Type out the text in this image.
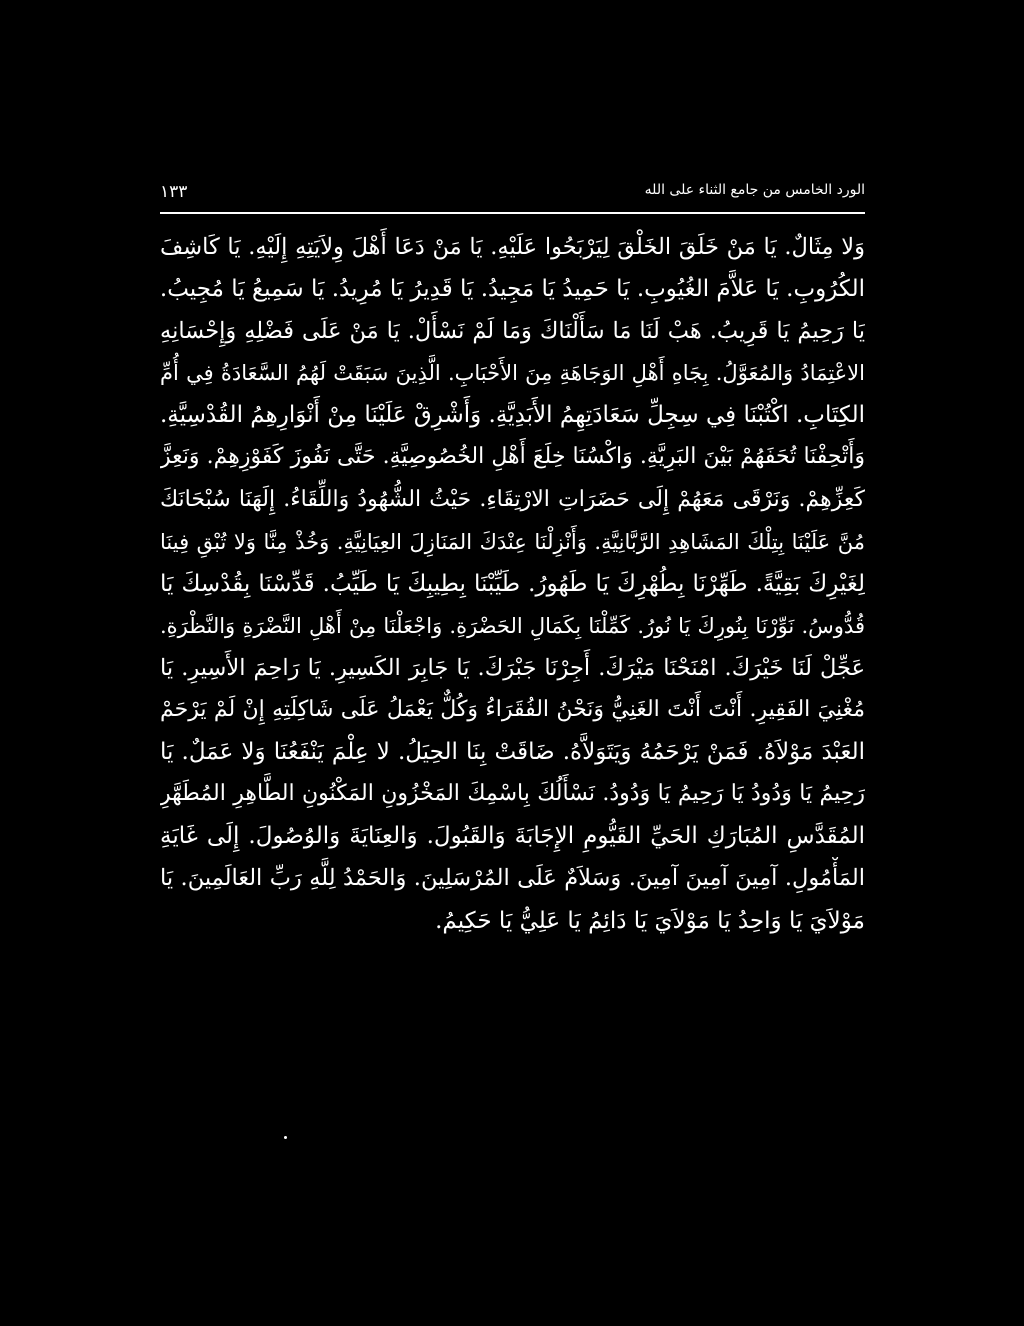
١٣٣	الورد الخامس من جامع الثناء على الله
وَلا مِثَالٌ. يَا مَنْ خَلَقَ الخَلْقَ لِيَرْبَحُوا عَلَيْهِ. يَا مَنْ دَعَا أَهْلَ وِلاَيَتِهِ إِلَيْهِ. يَا كَاشِفَ
الكُرُوبِ. يَا عَلاَّمَ الغُيُوبِ. يَا حَمِيدُ يَا مَجِيدُ. يَا قَدِيرُ يَا مُرِيدُ. يَا سَمِيعُ يَا مُجِيبُ.
يَا رَحِيمُ يَا قَرِيبُ. هَبْ لَنَا مَا سَأَلْنَاكَ وَمَا لَمْ نَسْأَلْ. يَا مَنْ عَلَى فَضْلِهِ وَإِحْسَانِهِ
الاعْتِمَادُ وَالمُعَوَّلُ. بِجَاهِ أَهْلِ الوَجَاهَةِ مِنَ الأَحْبَابِ. الَّذِينَ سَبَقَتْ لَهُمُ السَّعَادَةُ فِي أُمِّ
الكِتَابِ. اكْتُبْنَا فِي سِجِلِّ سَعَادَتِهِمُ الأَبَدِيَّةِ. وَأَشْرِقْ عَلَيْنَا مِنْ أَنْوَارِهِمُ القُدْسِيَّةِ.
وَأَتْحِفْنَا تُحَفَهُمْ بَيْنَ البَرِيَّةِ. وَاكْسُنَا خِلَعَ أَهْلِ الخُصُوصِيَّةِ. حَتَّى نَفُوزَ كَفَوْزِهِمْ. وَنَعِزَّ
كَعِزِّهِمْ. وَنَرْقَى مَعَهُمْ إِلَى حَضَرَاتِ الارْتِقَاءِ. حَيْثُ الشُّهُودُ وَاللِّقَاءُ. إِلَهَنَا سُبْحَانَكَ
مُنَّ عَلَيْنَا بِتِلْكَ المَشَاهِدِ الرَّبَّانِيَّةِ. وَأَنْزِلْنَا عِنْدَكَ المَنَازِلَ العِيَانِيَّةِ. وَخُذْ مِنَّا وَلا تُبْقِ فِينَا
لِغَيْرِكَ بَقِيَّةً. طَهِّرْنَا بِطُهْرِكَ يَا طَهُورُ. طَيِّبْنَا بِطِيبِكَ يَا طَيِّبُ. قَدِّسْنَا بِقُدْسِكَ يَا
قُدُّوسُ. نَوِّرْنَا بِنُورِكَ يَا نُورُ. كَمِّلْنَا بِكَمَالِ الحَضْرَةِ. وَاجْعَلْنَا مِنْ أَهْلِ النَّضْرَةِ وَالنَّظْرَةِ.
عَجِّلْ لَنَا خَيْرَكَ. امْنَحْنَا مَيْرَكَ. أَجِرْنَا جَبْرَكَ. يَا جَابِرَ الكَسِيرِ. يَا رَاحِمَ الأَسِيرِ. يَا
مُغْنِيَ الفَقِيرِ. أَنْتَ أَنْتَ الغَنِيُّ وَنَحْنُ الفُقَرَاءُ وَكُلٌّ يَعْمَلُ عَلَى شَاكِلَتِهِ إِنْ لَمْ يَرْحَمْ
العَبْدَ مَوْلاَهُ. فَمَنْ يَرْحَمُهُ وَيَتَوَلاَّهُ. ضَاقَتْ بِنَا الحِيَلُ. لا عِلْمَ يَنْفَعُنَا وَلا عَمَلٌ. يَا
رَحِيمُ يَا وَدُودُ يَا رَحِيمُ يَا وَدُودُ. نَسْأَلُكَ بِاسْمِكَ المَخْزُونِ المَكْنُونِ الطَّاهِرِ المُطَهَّرِ
المُقَدَّسِ المُبَارَكِ الحَيِّ القَيُّومِ الإِجَابَةَ وَالقَبُولَ. وَالعِنَايَةَ وَالوُصُولَ. إِلَى غَايَةِ
المَأْمُولِ. آمِينَ آمِينَ آمِينَ. وَسَلاَمٌ عَلَى المُرْسَلِينَ. وَالحَمْدُ لِلَّهِ رَبِّ العَالَمِينَ. يَا
مَوْلاَيَ يَا وَاحِدُ يَا مَوْلاَيَ يَا دَائِمُ يَا عَلِيُّ يَا حَكِيمُ.
